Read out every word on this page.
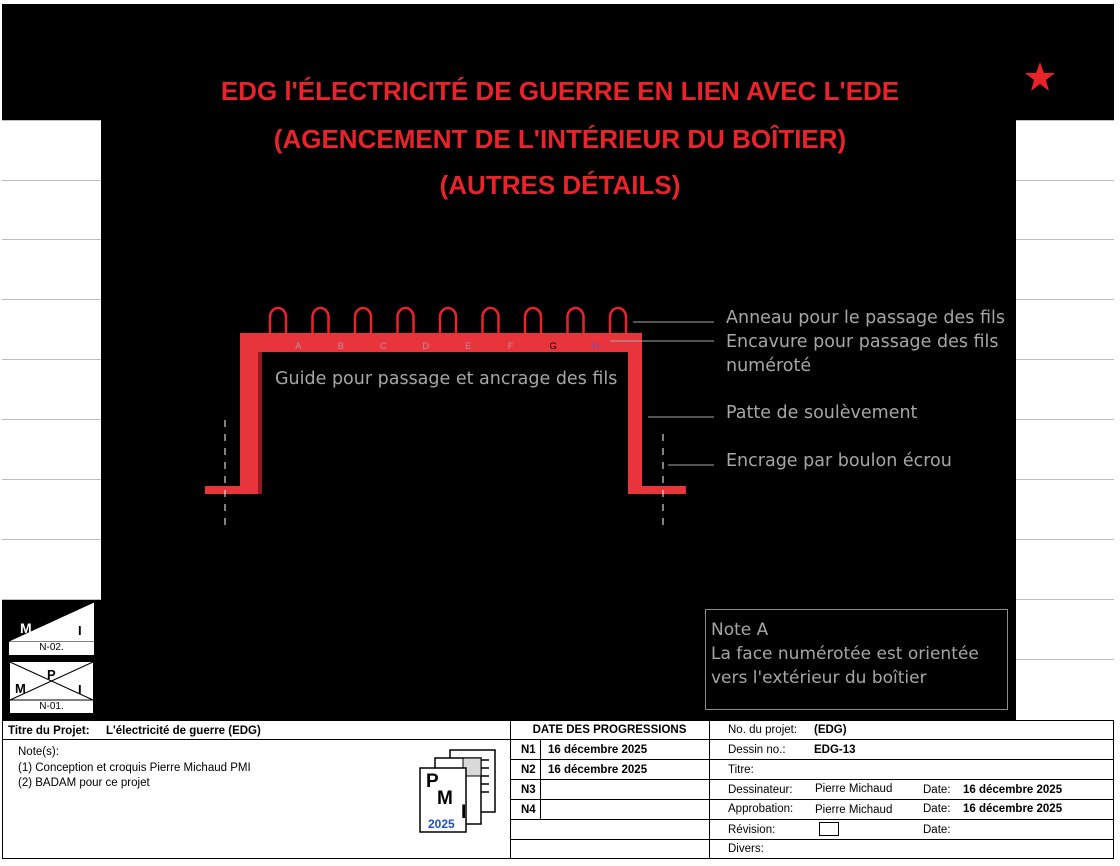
EDG l'ÉLECTRICITÉ DE GUERRE EN LIEN AVEC L'EDE
(AGENCEMENT DE L'INTÉRIEUR DU BOÎTIER)
(AUTRES DÉTAILS)
A	B	C	D	E	F	G	H
Guide pour passage et ancrage des fils
Anneau pour le passage des fils
Encavure pour passage des fils
numéroté
Patte de soulèvement
Encrage par boulon écrou
Note A
La face numérotée est orientée
vers l'extérieur du boîtier
M
P
I
N-02.
M
P
I
N-01.
Titre du Projet: L'électricité de guerre (EDG)
Note(s):
(1) Conception et croquis Pierre Michaud PMI
(2) BADAM pour ce projet	P
M
I
2025
DATE DES PROGRESSIONS
N1 16 décembre 2025
N2 16 décembre 2025
N3
N4
No. du projet: (EDG)
Dessin no.: EDG-13
Titre:
Dessinateur: Pierre Michaud	Date: 16 décembre 2025
Approbation: Pierre Michaud	Date: 16 décembre 2025
Révision:	Date:
Divers:
